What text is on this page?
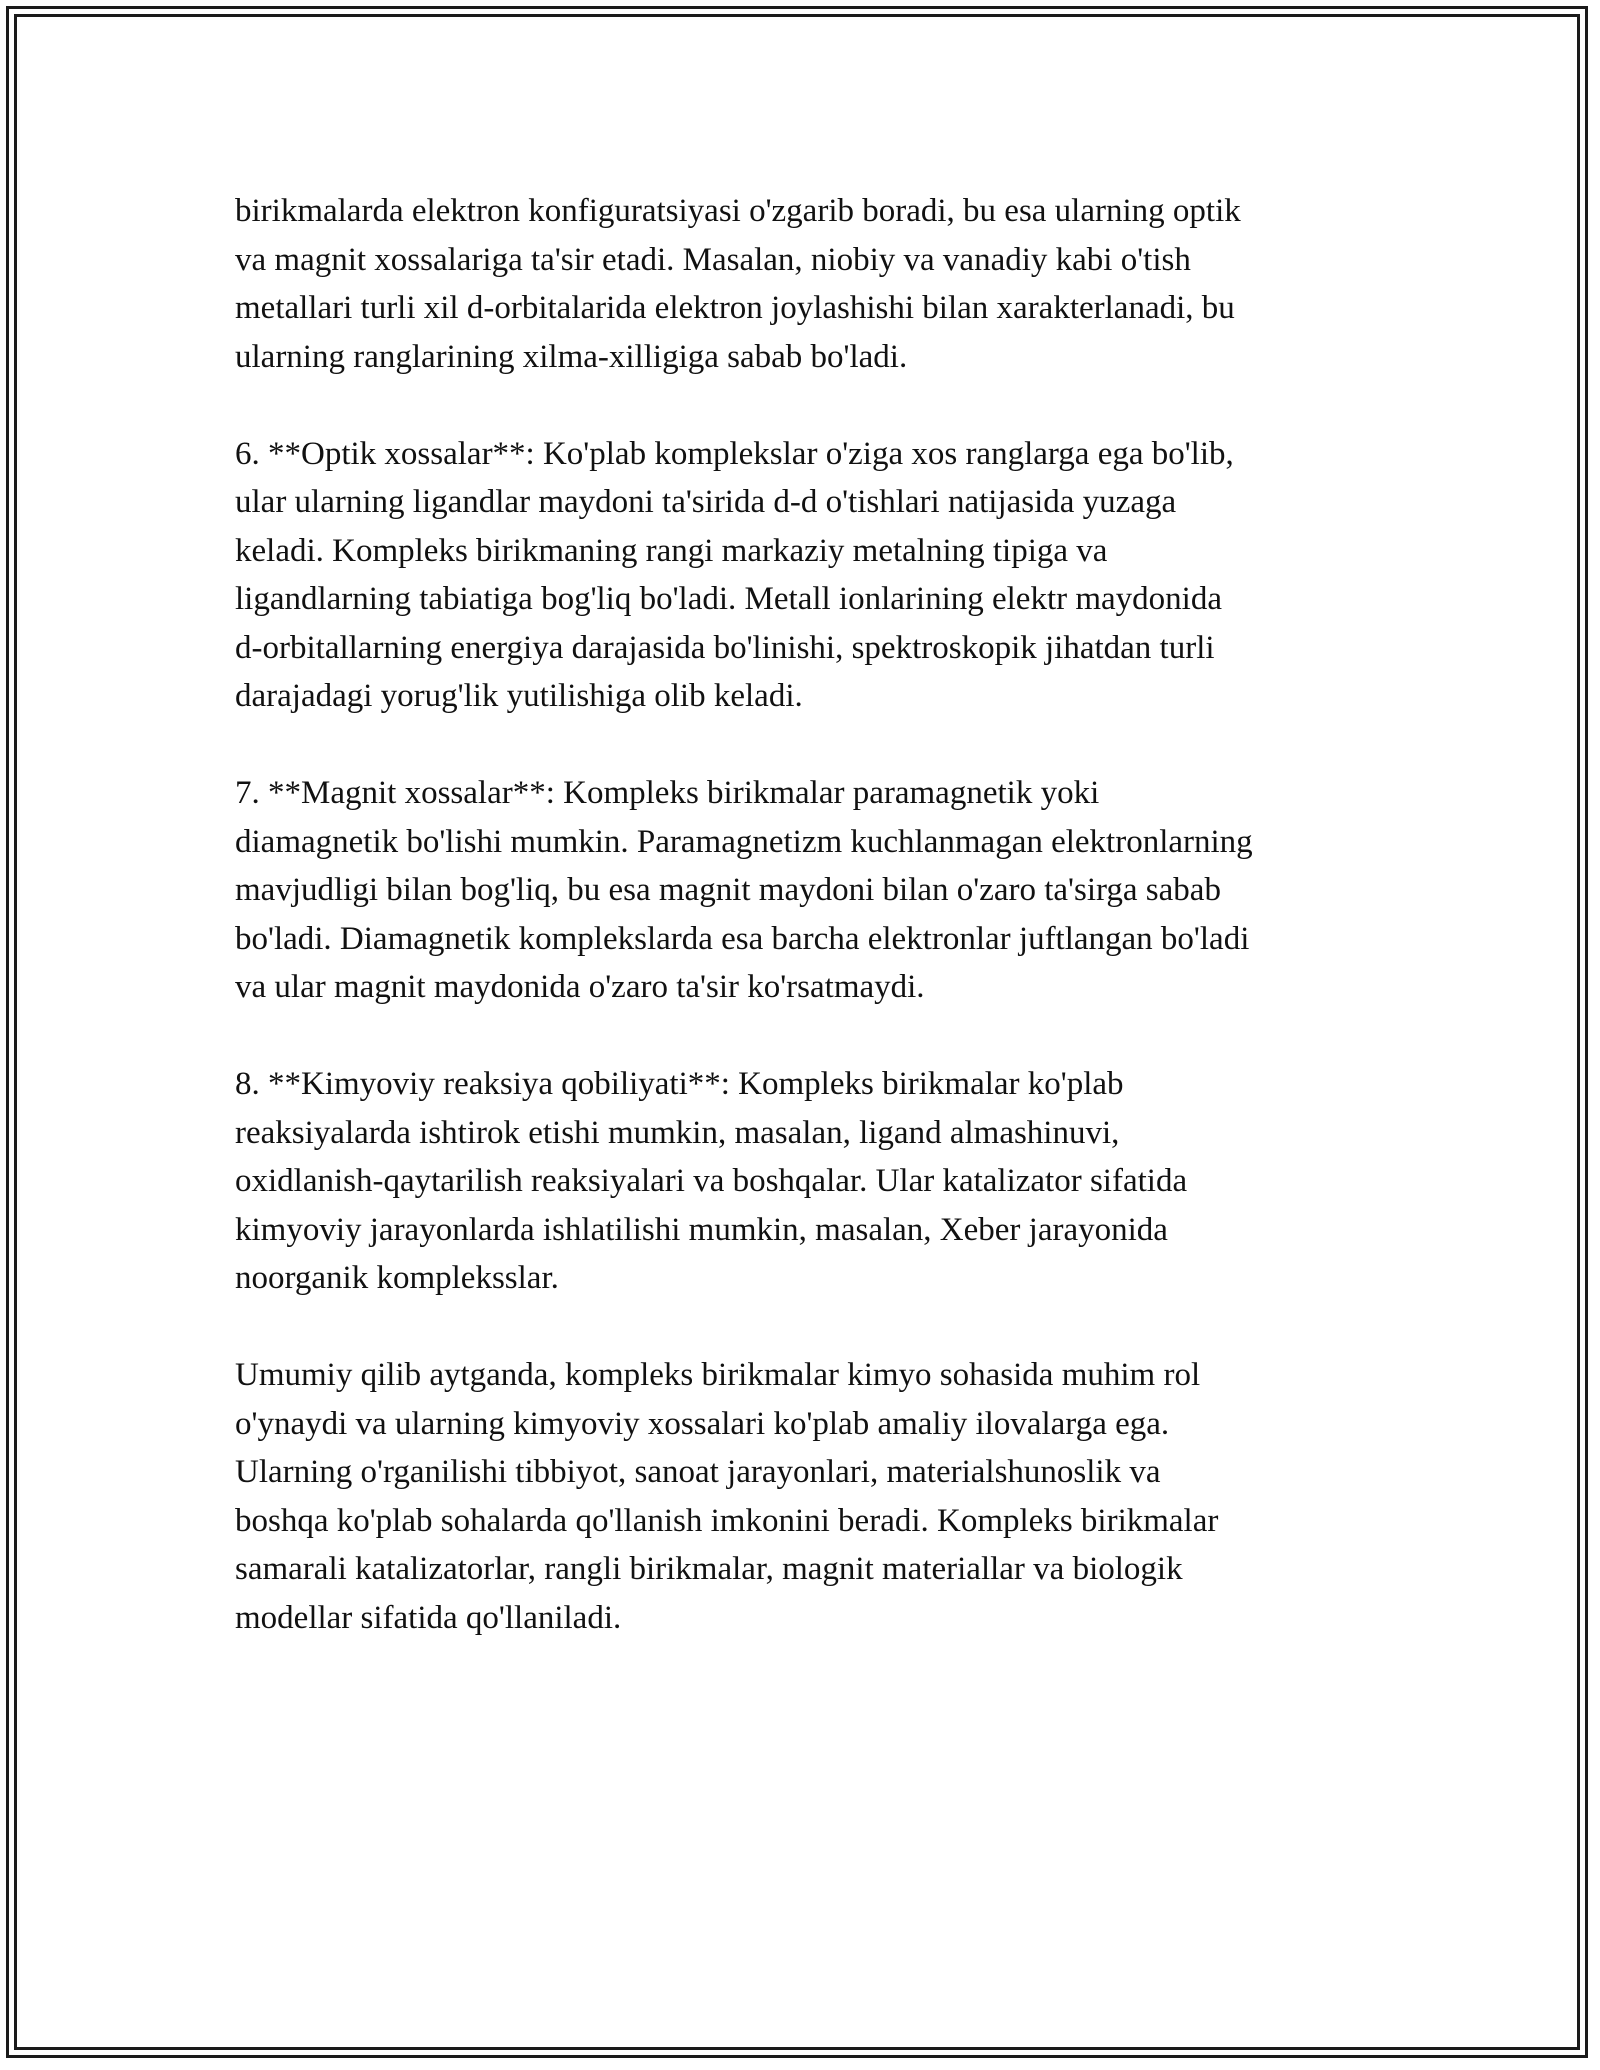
birikmalarda elektron konfiguratsiyasi o'zgarib boradi, bu esa ularning optik
va magnit xossalariga ta'sir etadi. Masalan, niobiy va vanadiy kabi o'tish
metallari turli xil d-orbitalarida elektron joylashishi bilan xarakterlanadi, bu
ularning ranglarining xilma-xilligiga sabab bo'ladi.

6. **Optik xossalar**: Ko'plab komplekslar o'ziga xos ranglarga ega bo'lib,
ular ularning ligandlar maydoni ta'sirida d-d o'tishlari natijasida yuzaga
keladi. Kompleks birikmaning rangi markaziy metalning tipiga va
ligandlarning tabiatiga bog'liq bo'ladi. Metall ionlarining elektr maydonida
d-orbitallarning energiya darajasida bo'linishi, spektroskopik jihatdan turli
darajadagi yorug'lik yutilishiga olib keladi.

7. **Magnit xossalar**: Kompleks birikmalar paramagnetik yoki
diamagnetik bo'lishi mumkin. Paramagnetizm kuchlanmagan elektronlarning
mavjudligi bilan bog'liq, bu esa magnit maydoni bilan o'zaro ta'sirga sabab
bo'ladi. Diamagnetik komplekslarda esa barcha elektronlar juftlangan bo'ladi
va ular magnit maydonida o'zaro ta'sir ko'rsatmaydi.

8. **Kimyoviy reaksiya qobiliyati**: Kompleks birikmalar ko'plab
reaksiyalarda ishtirok etishi mumkin, masalan, ligand almashinuvi,
oxidlanish-qaytarilish reaksiyalari va boshqalar. Ular katalizator sifatida
kimyoviy jarayonlarda ishlatilishi mumkin, masalan, Xeber jarayonida
noorganik kompleksslar.

Umumiy qilib aytganda, kompleks birikmalar kimyo sohasida muhim rol
o'ynaydi va ularning kimyoviy xossalari ko'plab amaliy ilovalarga ega.
Ularning o'rganilishi tibbiyot, sanoat jarayonlari, materialshunoslik va
boshqa ko'plab sohalarda qo'llanish imkonini beradi. Kompleks birikmalar
samarali katalizatorlar, rangli birikmalar, magnit materiallar va biologik
modellar sifatida qo'llaniladi.
